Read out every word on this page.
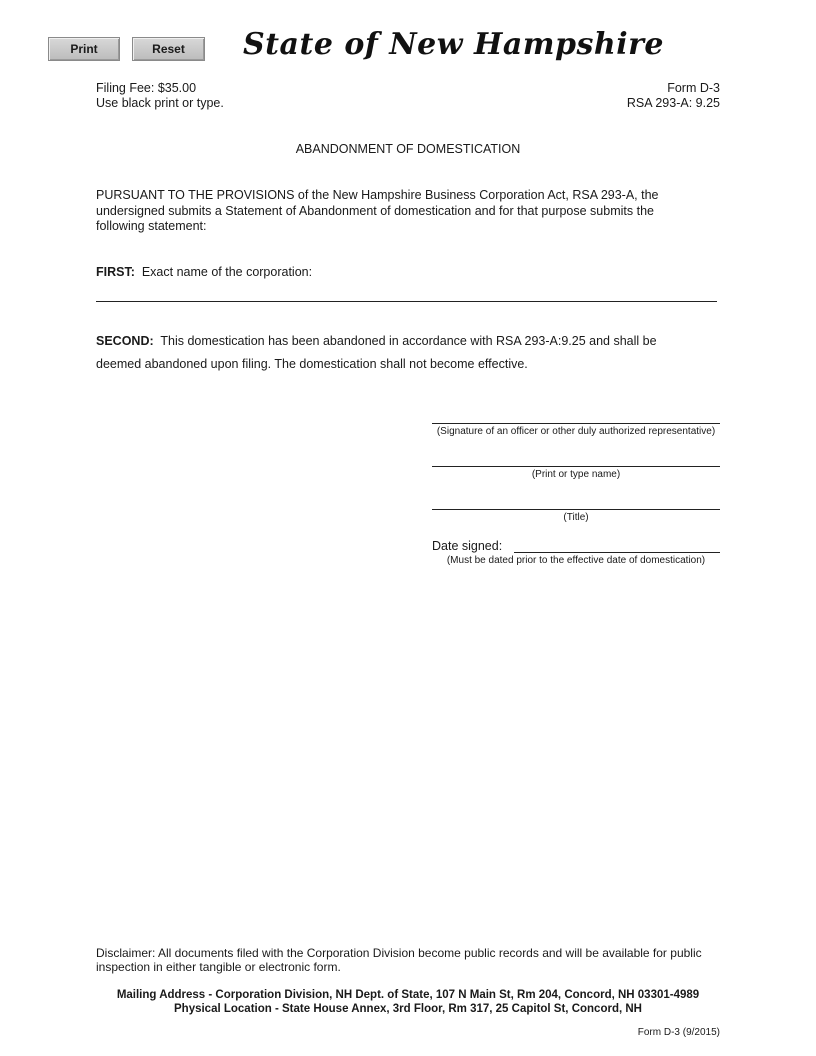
Print	Reset	State of New Hampshire
Filing Fee: $35.00
Use black print or type.
Form D-3
RSA 293-A: 9.25
ABANDONMENT OF DOMESTICATION
PURSUANT TO THE PROVISIONS of the New Hampshire Business Corporation Act, RSA 293-A, the
undersigned submits a Statement of Abandonment of domestication and for that purpose submits the
following statement:
FIRST: Exact name of the corporation:
SECOND: This domestication has been abandoned in accordance with RSA 293-A:9.25 and shall be
deemed abandoned upon filing. The domestication shall not become effective.
(Signature of an officer or other duly authorized representative)
(Print or type name)
(Title)
Date signed:
(Must be dated prior to the effective date of domestication)
Disclaimer: All documents filed with the Corporation Division become public records and will be available for public
inspection in either tangible or electronic form.
Mailing Address - Corporation Division, NH Dept. of State, 107 N Main St, Rm 204, Concord, NH 03301-4989
Physical Location - State House Annex, 3rd Floor, Rm 317, 25 Capitol St, Concord, NH
Form D-3 (9/2015)
